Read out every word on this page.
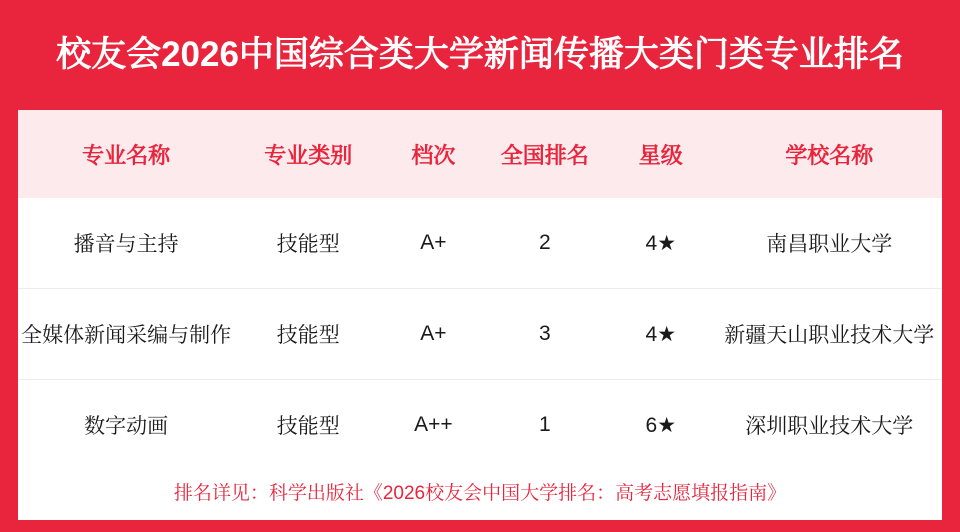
校友会2026中国综合类大学新闻传播大类门类专业排名
专业名称	专业类别	档次	全国排名	星级	学校名称
播音与主持	技能型	A+	2	4★	南昌职业大学
全媒体新闻采编与制作	技能型	A+	3	4★	新疆天山职业技术大学
数字动画	技能型	A++	1	6★	深圳职业技术大学
排名详见：科学出版社《2026校友会中国大学排名：高考志愿填报指南》
